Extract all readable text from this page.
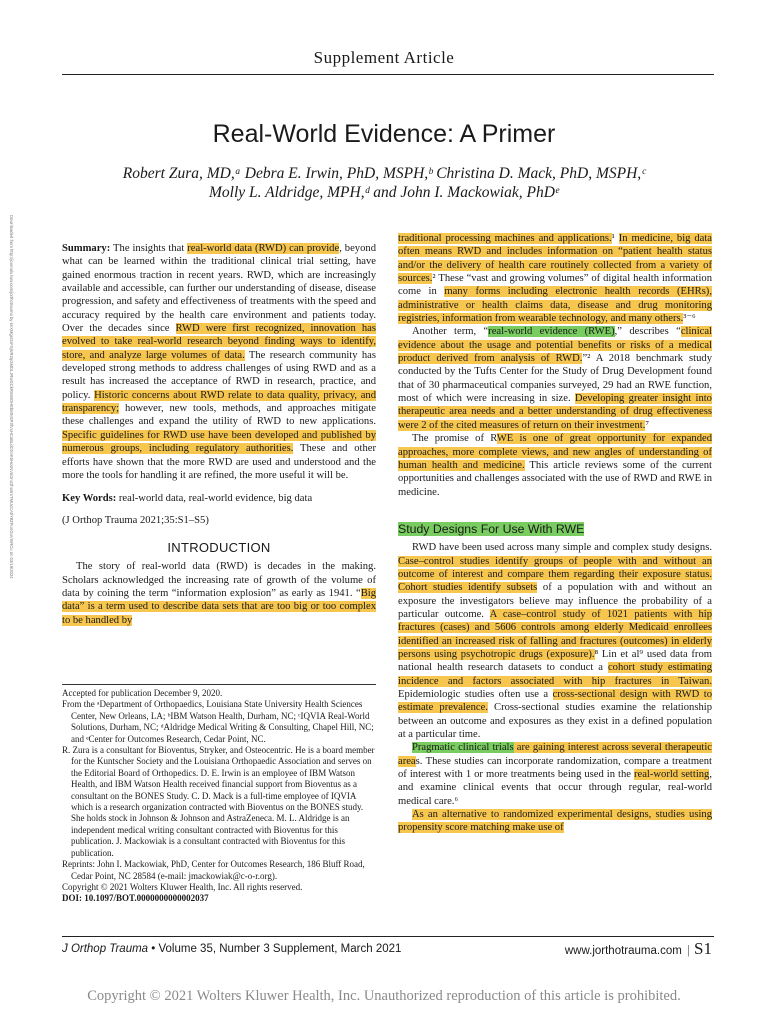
Supplement Article
Real-World Evidence: A Primer
Robert Zura, MD,ᵃ Debra E. Irwin, PhD, MSPH,ᵇ Christina D. Mack, PhD, MSPH,ᶜ
Molly L. Aldridge, MPH,ᵈ and John I. Mackowiak, PhDᵉ
Downloaded from http://journals.lww.com/jorthotrauma by 6nXMgsOxFSjNR2qGMDLJRwGCkRmMOHEbMNSP3fVxHCaBLdOXnK0HcsNVoOn42hu6rsTMUcCAtlY8ZFuXGuVmRCu on 03/19/2024	Summary: The insights that real-world data (RWD) can provide, beyond what can be learned within the traditional clinical trial setting, have gained enormous traction in recent years. RWD, which are increasingly available and accessible, can further our understanding of disease, disease progression, and safety and effectiveness of treatments with the speed and accuracy required by the health care environment and patients today. Over the decades since RWD were first recognized, innovation has evolved to take real-world research beyond finding ways to identify, store, and analyze large volumes of data. The research community has developed strong methods to address challenges of using RWD and as a result has increased the acceptance of RWD in research, practice, and policy. Historic concerns about RWD relate to data quality, privacy, and transparency; however, new tools, methods, and approaches mitigate these challenges and expand the utility of RWD to new applications. Specific guidelines for RWD use have been developed and published by numerous groups, including regulatory authorities. These and other efforts have shown that the more RWD are used and understood and the more the tools for handling it are refined, the more useful it will be.

Key Words: real-world data, real-world evidence, big data

(J Orthop Trauma 2021;35:S1–S5)

INTRODUCTION

The story of real-world data (RWD) is decades in the making. Scholars acknowledged the increasing rate of growth of the volume of data by coining the term “information explosion” as early as 1941. “Big data” is a term used to describe data sets that are too big or too complex to be handled by

Accepted for publication December 9, 2020.

From the ᵃDepartment of Orthopaedics, Louisiana State University Health Sciences Center, New Orleans, LA; ᵇIBM Watson Health, Durham, NC; ᶜIQVIA Real-World Solutions, Durham, NC; ᵈAldridge Medical Writing & Consulting, Chapel Hill, NC; and ᵉCenter for Outcomes Research, Cedar Point, NC.

R. Zura is a consultant for Bioventus, Stryker, and Osteocentric. He is a board member for the Kuntscher Society and the Louisiana Orthopaedic Association and serves on the Editorial Board of Orthopedics. D. E. Irwin is an employee of IBM Watson Health, and IBM Watson Health received financial support from Bioventus as a consultant on the BONES Study. C. D. Mack is a full-time employee of IQVIA which is a research organization contracted with Bioventus on the BONES study. She holds stock in Johnson & Johnson and AstraZeneca. M. L. Aldridge is an independent medical writing consultant contracted with Bioventus for this publication. J. Mackowiak is a consultant contracted with Bioventus for this publication.

Reprints: John I. Mackowiak, PhD, Center for Outcomes Research, 186 Bluff Road, Cedar Point, NC 28584 (e-mail: jmackowiak@c-o-r.org).

Copyright © 2021 Wolters Kluwer Health, Inc. All rights reserved.

DOI: 10.1097/BOT.0000000000002037

traditional processing machines and applications.¹ In medicine, big data often means RWD and includes information on “patient health status and/or the delivery of health care routinely collected from a variety of sources.² These “vast and growing volumes” of digital health information come in many forms including electronic health records (EHRs), administrative or health claims data, disease and drug monitoring registries, information from wearable technology, and many others.³⁻⁶

Another term, “real-world evidence (RWE),” describes “clinical evidence about the usage and potential benefits or risks of a medical product derived from analysis of RWD.”² A 2018 benchmark study conducted by the Tufts Center for the Study of Drug Development found that of 30 pharmaceutical companies surveyed, 29 had an RWE function, most of which were increasing in size. Developing greater insight into therapeutic area needs and a better understanding of drug effectiveness were 2 of the cited measures of return on their investment.⁷

The promise of RWE is one of great opportunity for expanded approaches, more complete views, and new angles of understanding of human health and medicine. This article reviews some of the current opportunities and challenges associated with the use of RWD and RWE in medicine.

Study Designs For Use With RWE

RWD have been used across many simple and complex study designs. Case–control studies identify groups of people with and without an outcome of interest and compare them regarding their exposure status. Cohort studies identify subsets of a population with and without an exposure the investigators believe may influence the probability of a particular outcome. A case–control study of 1021 patients with hip fractures (cases) and 5606 controls among elderly Medicaid enrollees identified an increased risk of falling and fractures (outcomes) in elderly persons using psychotropic drugs (exposure).⁸ Lin et al⁹ used data from national health research datasets to conduct a cohort study estimating incidence and factors associated with hip fractures in Taiwan. Epidemiologic studies often use a cross-sectional design with RWD to estimate prevalence. Cross-sectional studies examine the relationship between an outcome and exposures as they exist in a defined population at a particular time.

Pragmatic clinical trials are gaining interest across several therapeutic areas. These studies can incorporate randomization, compare a treatment of interest with 1 or more treatments being used in the real-world setting, and examine clinical events that occur through regular, real-world medical care.⁶

As an alternative to randomized experimental designs, studies using propensity score matching make use of

J Orthop Trauma • Volume 35, Number 3 Supplement, March 2021	www.jorthotrauma.com | S1
Copyright © 2021 Wolters Kluwer Health, Inc. Unauthorized reproduction of this article is prohibited.
